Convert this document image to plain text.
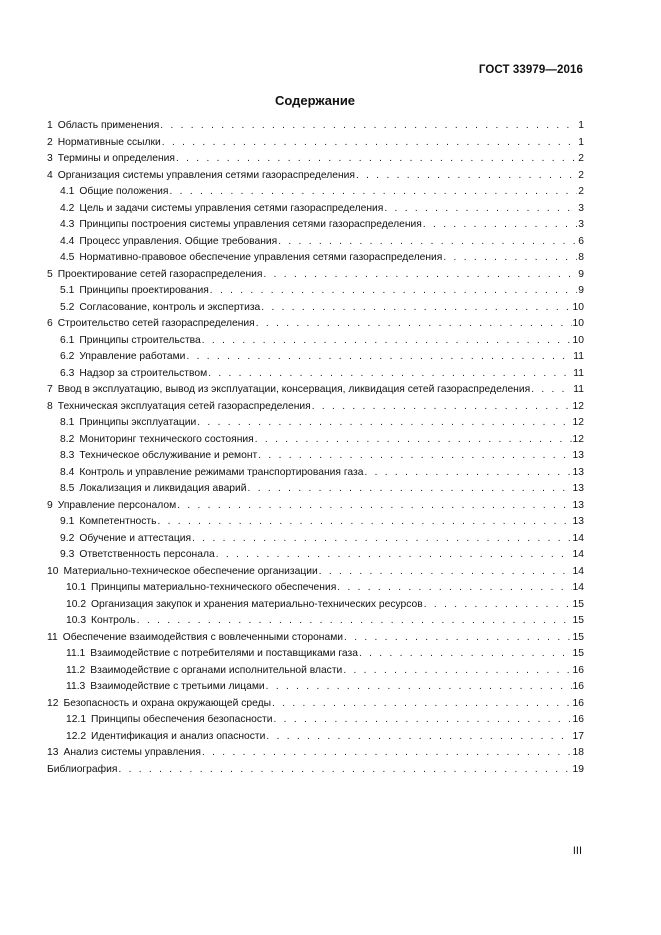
ГОСТ 33979—2016
Содержание
1 Область применения . . .	1
2 Нормативные ссылки . . .	1
3 Термины и определения . . .	2
4 Организация системы управления сетями газораспределения . . .	2
4.1 Общие положения . . .	2
4.2 Цель и задачи системы управления сетями газораспределения . . .	3
4.3 Принципы построения системы управления сетями газораспределения . . .	3
4.4 Процесс управления. Общие требования . . .	6
4.5 Нормативно-правовое обеспечение управления сетями газораспределения . . .	8
5 Проектирование сетей газораспределения . . .	9
5.1 Принципы проектирования . . .	9
5.2 Согласование, контроль и экспертиза . . .	10
6 Строительство сетей газораспределения . . .	10
6.1 Принципы строительства . . .	10
6.2 Управление работами . . .	11
6.3 Надзор за строительством . . .	11
7 Ввод в эксплуатацию, вывод из эксплуатации, консервация, ликвидация сетей газораспределения . . .	11
8 Техническая эксплуатация сетей газораспределения . . .	12
8.1 Принципы эксплуатации . . .	12
8.2 Мониторинг технического состояния . . .	12
8.3 Техническое обслуживание и ремонт . . .	13
8.4 Контроль и управление режимами транспортирования газа . . .	13
8.5 Локализация и ликвидация аварий . . .	13
9 Управление персоналом . . .	13
9.1 Компетентность . . .	13
9.2 Обучение и аттестация . . .	14
9.3 Ответственность персонала . . .	14
10 Материально-техническое обеспечение организации . . .	14
10.1 Принципы материально-технического обеспечения . . .	14
10.2 Организация закупок и хранения материально-технических ресурсов . . .	15
10.3 Контроль . . .	15
11 Обеспечение взаимодействия с вовлеченными сторонами . . .	15
11.1 Взаимодействие с потребителями и поставщиками газа . . .	15
11.2 Взаимодействие с органами исполнительной власти . . .	16
11.3 Взаимодействие с третьими лицами . . .	16
12 Безопасность и охрана окружающей среды . . .	16
12.1 Принципы обеспечения безопасности . . .	16
12.2 Идентификация и анализ опасности . . .	17
13 Анализ системы управления . . .	18
Библиография . . .	19
III
